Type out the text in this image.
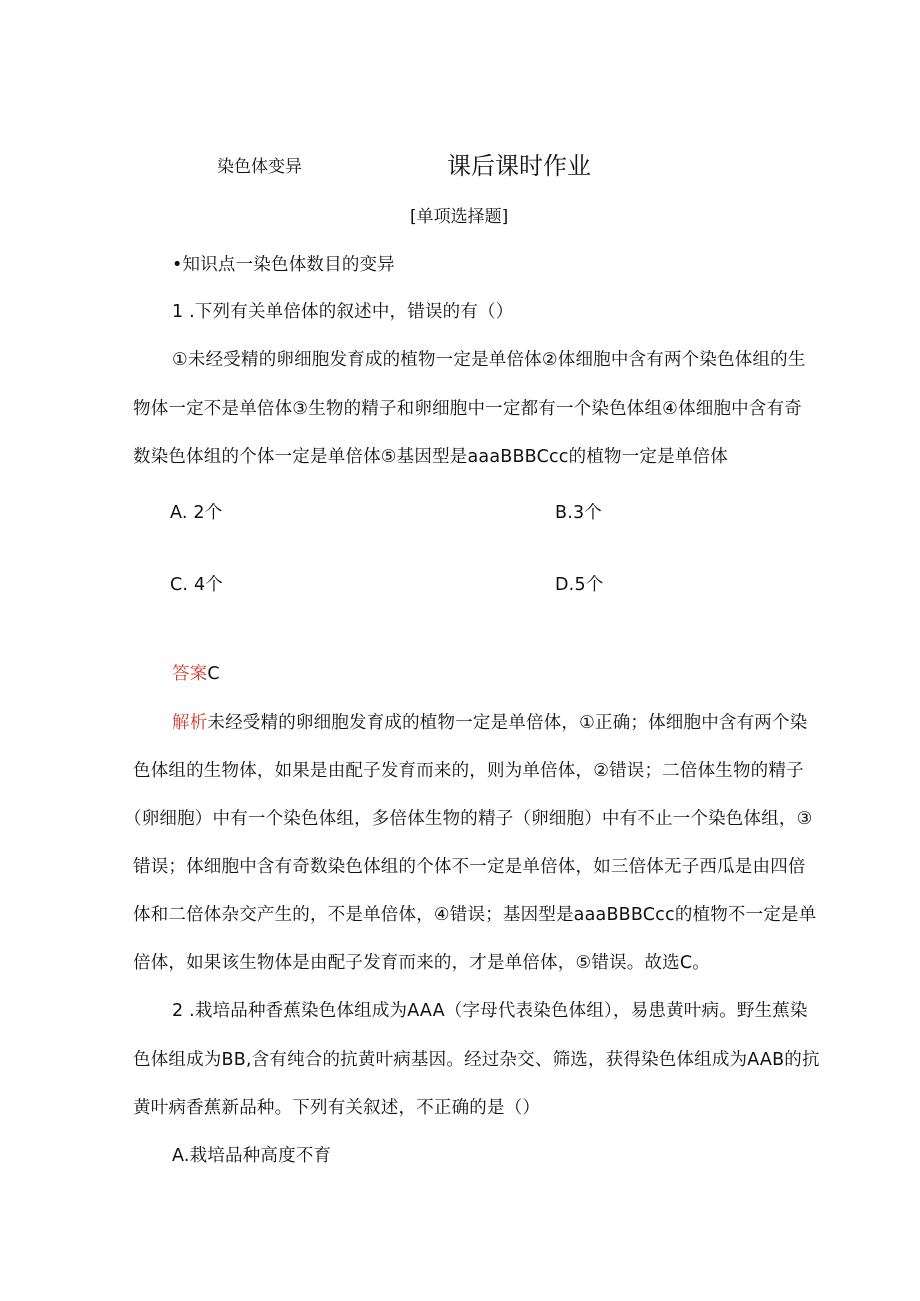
染色体变异	课后课时作业
[单项选择题]
•知识点一染色体数目的变异
1 .下列有关单倍体的叙述中，错误的有（）
①未经受精的卵细胞发育成的植物一定是单倍体②体细胞中含有两个染色体组的生
物体一定不是单倍体③生物的精子和卵细胞中一定都有一个染色体组④体细胞中含有奇
数染色体组的个体一定是单倍体⑤基因型是aaaBBBCcc的植物一定是单倍体
A. 2个	B.3个
C. 4个	D.5个
答案C
解析未经受精的卵细胞发育成的植物一定是单倍体，①正确；体细胞中含有两个染
色体组的生物体，如果是由配子发育而来的，则为单倍体，②错误；二倍体生物的精子
（卵细胞）中有一个染色体组，多倍体生物的精子（卵细胞）中有不止一个染色体组，③
错误；体细胞中含有奇数染色体组的个体不一定是单倍体，如三倍体无子西瓜是由四倍
体和二倍体杂交产生的，不是单倍体，④错误；基因型是aaaBBBCcc的植物不一定是单
倍体，如果该生物体是由配子发育而来的，才是单倍体，⑤错误。故选C。
2 .栽培品种香蕉染色体组成为AAA（字母代表染色体组），易患黄叶病。野生蕉染
色体组成为BB,含有纯合的抗黄叶病基因。经过杂交、筛选，获得染色体组成为AAB的抗
黄叶病香蕉新品种。下列有关叙述，不正确的是（）
A.栽培品种高度不育
